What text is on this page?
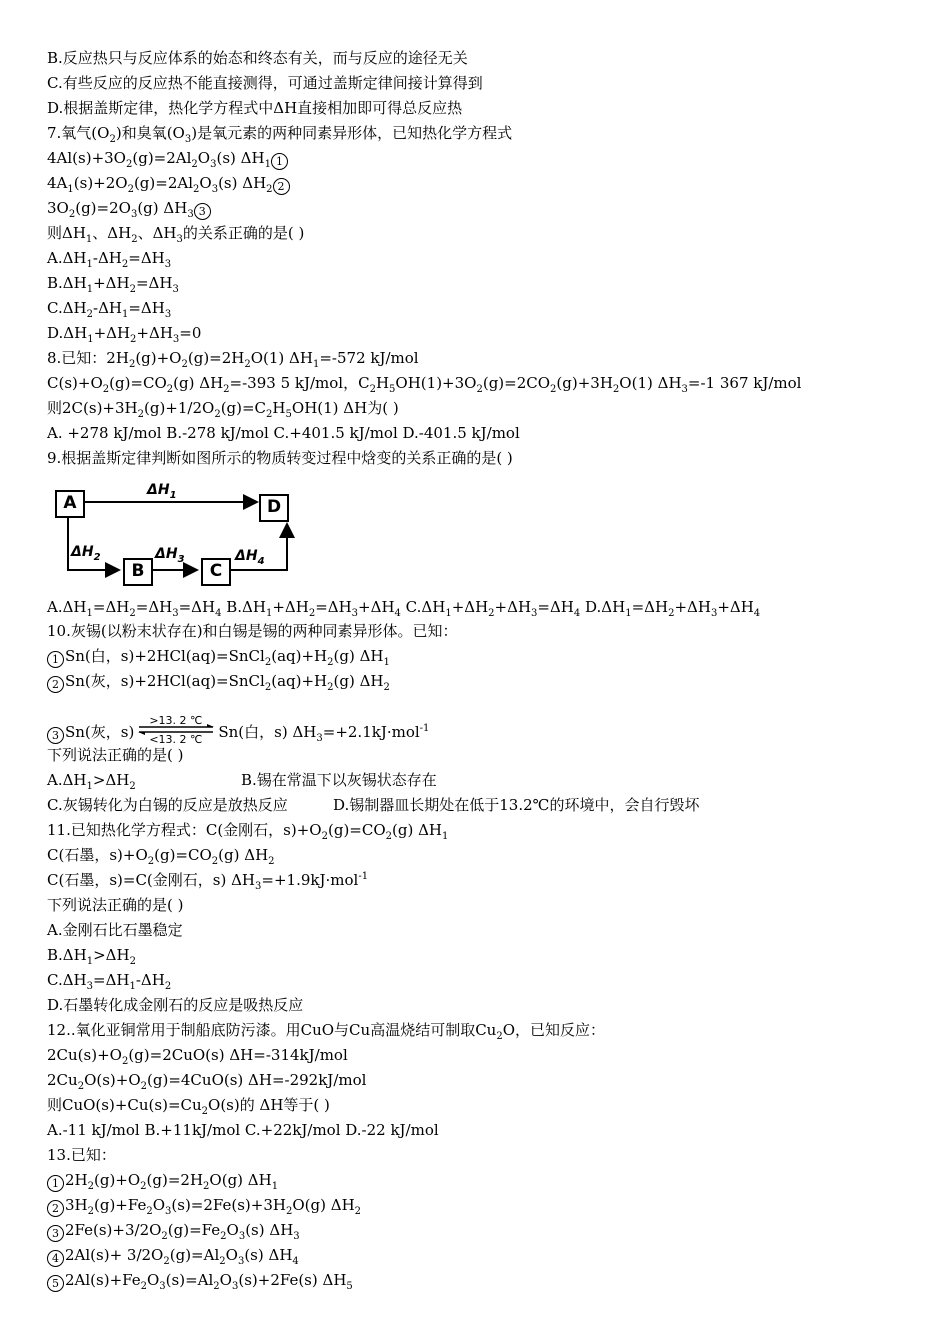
B.反应热只与反应体系的始态和终态有关，而与反应的途径无关
C.有些反应的反应热不能直接测得，可通过盖斯定律间接计算得到
D.根据盖斯定律，热化学方程式中ΔH直接相加即可得总反应热
7.氧气$(O_2)$和臭氧$(O_3)$是氧元素的两种同素异形体，已知热化学方程式
$4Al(s)+3O_2(g)=2Al_2O_3(s)$ $\Delta H_1$ 1
$4A_1(s)+2O_2(g)=2Al_2O_3(s)$ $\Delta H_2$ 2
$3O_2(g)=2O_3(g)$ $\Delta H_3$ 3
则$\Delta H_1$、$\Delta H_2$、$\Delta H_3$的关系正确的是( )
$A.\Delta H_1-\Delta H_2=\Delta H_3$
$B.\Delta H_1+\Delta H_2=\Delta H_3$
$C.\Delta H_2-\Delta H_1=\Delta H_3$
$D.\Delta H_1+\Delta H_2+\Delta H_3=0$
8.已知：$2H_2(g)+O_2(g)=2H_2O(1)$ $\Delta H_1=-572$ kJ/mol
$C(s)+O_2(g)=CO_2(g)$ $\Delta H_2=-393$ 5 kJ/mol，$C_2H_5OH(1)+3O_2(g)=2CO_2(g)+3H_2O(1)$ $\Delta H_3=-1$ 367 kJ/mol
则$2C(s)+3H_2(g)+1/2O_2(g)=C_2H_5OH(1)$ ΔH为( )
A. +278 kJ/mol B.-278 kJ/mol C.+401.5 kJ/mol D.-401.5 kJ/mol
9.根据盖斯定律判断如图所示的物质转变过程中焓变的关系正确的是( )
A	D
B	C
$\Delta H_1$
$\Delta H_2$	$\Delta H_3$	$\Delta H_4$
$A.\Delta H_1=\Delta H_2=\Delta H_3=\Delta H_4$ $B.\Delta H_1+\Delta H_2=\Delta H_3+\Delta H_4$ $C.\Delta H_1+\Delta H_2+\Delta H_3=\Delta H_4$ $D.\Delta H_1=\Delta H_2+\Delta H_3+\Delta H_4$
10.灰锡(以粉末状存在)和白锡是锡的两种同素异形体。已知：
1 Sn(白，$s)+2HCl(aq)=SnCl_2(aq)+H_2(g)$ $\Delta H_1$
2 Sn(灰，$s)+2HCl(aq)=SnCl_2(aq)+H_2(g)$ $\Delta H_2$
3 Sn(灰，s)
>13. 2 ℃
<13. 2 ℃ Sn(白，s) $\Delta H_3=+2.1kJ\cdot mol^{-1}$
下列说法正确的是( )
$A.\Delta H_1>\Delta H_2$	B.锡在常温下以灰锡状态存在
C.灰锡转化为白锡的反应是放热反应	D.锡制器皿长期处在低于13.2℃的环境中，会自行毁坏
11.已知热化学方程式：C(金刚石，$s)+O_2(g)=CO_2(g)$ $\Delta H_1$
C(石墨，$s)+O_2(g)=CO_2(g)$ $\Delta H_2$
C(石墨，s)=C(金刚石，s) $\Delta H_3=+1.9kJ\cdot mol^{-1}$
下列说法正确的是( )
A.金刚石比石墨稳定
$B.\Delta H_1>\Delta H_2$
$C.\Delta H_3=\Delta H_1-\Delta H_2$
D.石墨转化成金刚石的反应是吸热反应
12..氧化亚铜常用于制船底防污漆。用CuO与Cu高温烧结可制取$Cu_2O$，已知反应：
$2Cu(s)+O_2(g)=2CuO(s)$ ΔH=-314kJ/mol
$2Cu_2O(s)+O_2(g)=4CuO(s)$ ΔH=-292kJ/mol
则$CuO(s)+Cu(s)=Cu_2O(s)$的 ΔH等于( )
A.-11 kJ/mol B.+11kJ/mol C.+22kJ/mol D.-22 kJ/mol
13.已知：
1 $2H_2(g)+O_2(g)=2H_2O(g)$ $\Delta H_1$
2 $3H_2(g)+Fe_2O_3(s)=2Fe(s)+3H_2O(g)$ $\Delta H_2$
3 $2Fe(s)+3/2O_2(g)=Fe_2O_3(s)$ $\Delta H_3$
4 $2Al(s)+ 3/2O_2(g)=Al_2O_3(s)$ $\Delta H_4$
5 $2Al(s)+Fe_2O_3(s)=Al_2O_3(s)+2Fe(s)$ $\Delta H_5$
